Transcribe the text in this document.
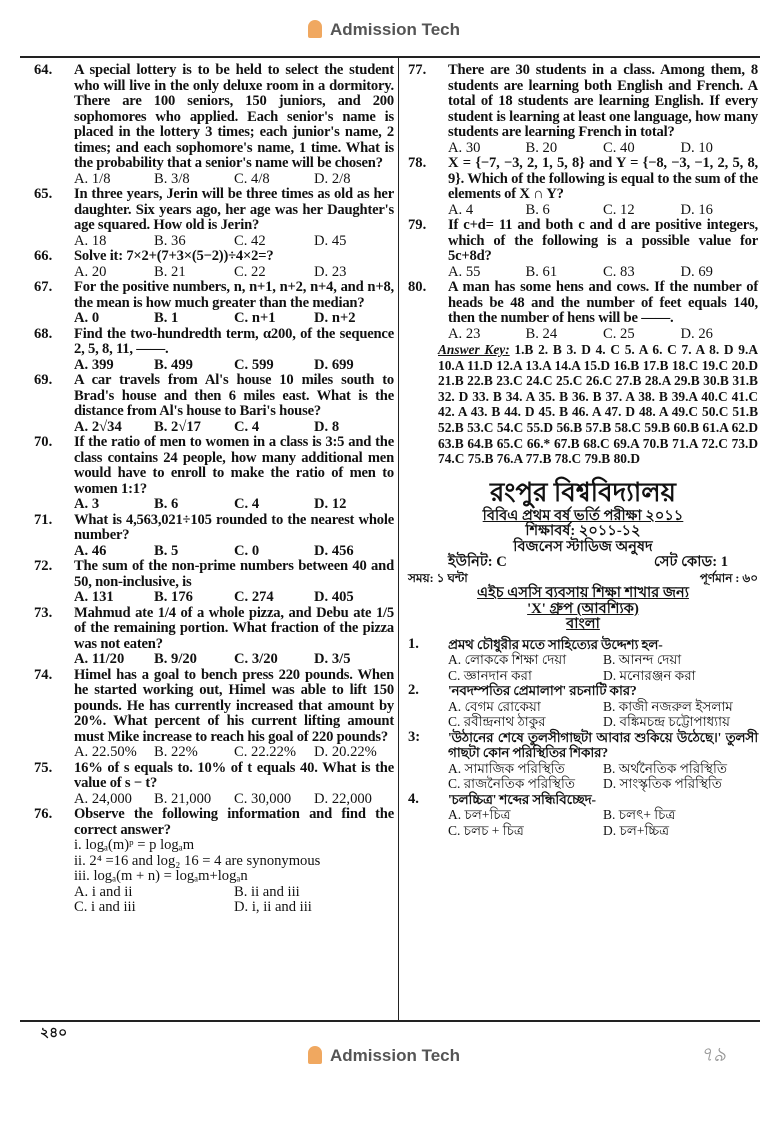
Admission Tech
64.	A special lottery is to be held to select the student who will live in the only deluxe room in a dormitory. There are 100 seniors, 150 juniors, and 200 sophomores who applied. Each senior's name is placed in the lottery 3 times; each junior's name, 2 times; and each sophomore's name, 1 time. What is the probability that a senior's name will be chosen?
A. 1/8	B. 3/8	C. 4/8	D. 2/8
65.	In three years, Jerin will be three times as old as her daughter. Six years ago, her age was her Daughter's age squared. How old is Jerin?
A. 18	B. 36	C. 42	D. 45
66.	Solve it: 7×2+(7+3×(5−2))÷4×2=?
A. 20	B. 21	C. 22	D. 23
67.	For the positive numbers, n, n+1, n+2, n+4, and n+8, the mean is how much greater than the median?
A. 0	B. 1	C. n+1	D. n+2
68.	Find the two-hundredth term, α200, of the sequence 2, 5, 8, 11, ——.
A. 399	B. 499	C. 599	D. 699
69.	A car travels from Al's house 10 miles south to Brad's house and then 6 miles east. What is the distance from Al's house to Bari's house?
A. 2√34	B. 2√17	C. 4	D. 8
70.	If the ratio of men to women in a class is 3:5 and the class contains 24 people, how many additional men would have to enroll to make the ratio of men to women 1:1?
A. 3	B. 6	C. 4	D. 12
71.	What is 4,563,021÷105 rounded to the nearest whole number?
A. 46	B. 5	C. 0	D. 456
72.	The sum of the non-prime numbers between 40 and 50, non-inclusive, is
A. 131	B. 176	C. 274	D. 405
73.	Mahmud ate 1/4 of a whole pizza, and Debu ate 1/5 of the remaining portion. What fraction of the pizza was not eaten?
A. 11/20	B. 9/20	C. 3/20	D. 3/5
74.	Himel has a goal to bench press 220 pounds. When he started working out, Himel was able to lift 150 pounds. He has currently increased that amount by 20%. What percent of his current lifting amount must Mike increase to reach his goal of 220 pounds?
A. 22.50%	B. 22%	C. 22.22%	D. 20.22%
75.	16% of s equals to. 10% of t equals 40. What is the value of s − t?
A. 24,000	B. 21,000	C. 30,000	D. 22,000
76.	Observe the following information and find the correct answer?
i. logₐ(m)ᵖ = p logₐm
ii. 2⁴ =16 and log₂ 16 = 4 are synonymous
iii. logₐ(m + n) = logₐm+logₐn
A. i and ii	B. ii and iii
C. i and iii	D. i, ii and iii
77.	There are 30 students in a class. Among them, 8 students are learning both English and French. A total of 18 students are learning English. If every student is learning at least one language, how many students are learning French in total?
A. 30	B. 20	C. 40	D. 10
78.	X = {−7, −3, 2, 1, 5, 8} and Y = {−8, −3, −1, 2, 5, 8, 9}. Which of the following is equal to the sum of the elements of X ∩ Y?
A. 4	B. 6	C. 12	D. 16
79.	If c+d= 11 and both c and d are positive integers, which of the following is a possible value for 5c+8d?
A. 55	B. 61	C. 83	D. 69
80.	A man has some hens and cows. If the number of heads be 48 and the number of feet equals 140, then the number of hens will be ——.
A. 23	B. 24	C. 25	D. 26
Answer Key: 1.B 2. B 3. D 4. C 5. A 6. C 7. A 8. D 9.A 10.A 11.D 12.A 13.A 14.A 15.D 16.B 17.B 18.C 19.C 20.D 21.B 22.B 23.C 24.C 25.C 26.C 27.B 28.A 29.B 30.B 31.B 32. D 33. B 34. A 35. B 36. B 37. A 38. B 39.A 40.C 41.C 42. A 43. B 44. D 45. B 46. A 47. D 48. A 49.C 50.C 51.B 52.B 53.C 54.C 55.D 56.B 57.B 58.C 59.B 60.B 61.A 62.D 63.B 64.B 65.C 66.* 67.B 68.C 69.A 70.B 71.A 72.C 73.D 74.C 75.B 76.A 77.B 78.C 79.B 80.D
রংপুর বিশ্ববিদ্যালয়
বিবিএ প্রথম বর্ষ ভর্তি পরীক্ষা ২০১১
শিক্ষাবর্ষ: ২০১১-১২
বিজনেস স্টাডিজ অনুষদ
ইউনিট: C	সেট কোড: 1
সময়: ১ ঘন্টা	পূর্ণমান : ৬০
এইচ এসসি ব্যবসায় শিক্ষা শাখার জন্য
'X' গ্রুপ (আবশ্যিক)
বাংলা
1.	প্রমথ চৌধুরীর মতে সাহিত্যের উদ্দেশ্য হল-
A. লোককে শিক্ষা দেয়া	B. আনন্দ দেয়া
C. জ্ঞানদান করা	D. মনোরঞ্জন করা
2.	'নবদম্পতির প্রেমালাপ' রচনাটি কার?
A. বেগম রোকেয়া	B. কাজী নজরুল ইসলাম
C. রবীন্দ্রনাথ ঠাকুর	D. বঙ্কিমচন্দ্র চট্টোপাধ্যায়
3:	'উঠানের শেষে তুলসীগাছটা আবার শুকিয়ে উঠেছে।' তুলসী গাছটা কোন পরিস্থিতির শিকার?
A. সামাজিক পরিস্থিতি	B. অর্থনৈতিক পরিস্থিতি
C. রাজনৈতিক পরিস্থিতি	D. সাংস্কৃতিক পরিস্থিতি
4.	'চলচ্চিত্র' শব্দের সন্ধিবিচ্ছেদ-
A. চল+চিত্র	B. চলৎ+ চিত্র
C. চলচ + চিত্র	D. চল+চ্চিত্র
২৪০
Admission Tech	৭৯
